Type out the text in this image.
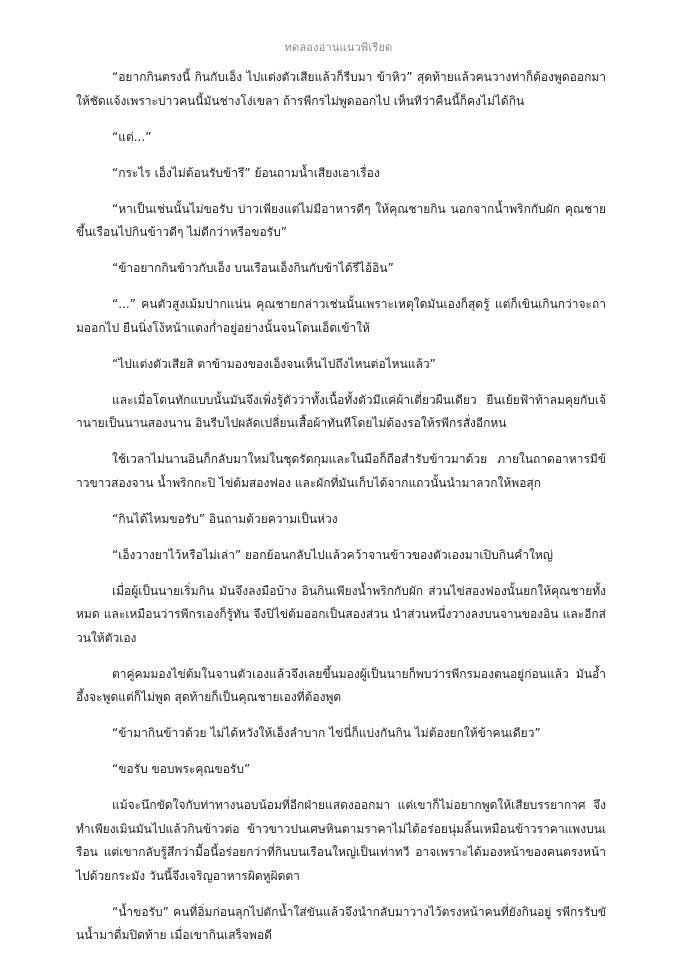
ทดลองอ่านแนวพีเรียด

“อยากกินตรงนี้ กินกับเอ็ง ไปแต่งตัวเสียแล้วก็รีบมา ข้าหิว” สุดท้ายแล้วคนวางท่าก็ต้องพูดออกมาให้ชัดแจ้งเพราะบ่าวคนนี้มันช่างโง่เขลา ถ้ารพีกรไม่พูดออกไป เห็นทีว่าคืนนี้ก็คงไม่ได้กิน

“แต่...”

“กระไร เอ็งไม่ต้อนรับข้ารึ” ย้อนถามน้ำเสียงเอาเรื่อง

“หาเป็นเช่นนั้นไม่ขอรับ บ่าวเพียงแต่ไม่มีอาหารดีๆ ให้คุณชายกิน นอกจากน้ำพริกกับผัก คุณชายขึ้นเรือนไปกินข้าวดีๆ ไม่ดีกว่าหรือขอรับ”

“ข้าอยากกินข้าวกับเอ็ง บนเรือนเอ็งกินกับข้าได้รึไอ้อิน”

“...” คนตัวสูงเม้มปากแน่น คุณชายกล่าวเช่นนั้นเพราะเหตุใดมันเองก็สุดรู้ แต่ก็เขินเกินกว่าจะถามออกไป ยืนนิ่งโง้หน้าแดงก่ำอยู่อย่างนั้นจนโดนเอ็ดเข้าให้

“ไปแต่งตัวเสียสิ ตาข้ามองของเอ็งจนเห็นไปถึงไหนต่อไหนแล้ว”

และเมื่อโดนทักแบบนั้นมันจึงเพิ่งรู้ตัวว่าทั้งเนื้อทั้งตัวมีแค่ผ้าเตี่ยวผืนเดียว ยืนเย้ยฟ้าท้าลมคุยกับเจ้านายเป็นนานสองนาน อินรีบไปผลัดเปลี่ยนเสื้อผ้าทันทีโดยไม่ต้องรอให้รพีกรสั่งอีกหน

ใช้เวลาไม่นานอินก็กลับมาใหม่ในชุดรัดกุมและในมือก็ถือสำรับข้าวมาด้วย ภายในถาดอาหารมีข้าวขาวสองจาน น้ำพริกกะปิ ไข่ต้มสองฟอง และผักที่มันเก็บได้จากแถวนั้นนำมาลวกให้พอสุก

“กินได้ไหมขอรับ” อินถามด้วยความเป็นห่วง

“เอ็งวางยาไว้หรือไม่เล่า” ยอกย้อนกลับไปแล้วคว้าจานข้าวของตัวเองมาเปิบกินคำใหญ่

เมื่อผู้เป็นนายเริ่มกิน มันจึงลงมือบ้าง อินกินเพียงน้ำพริกกับผัก ส่วนไข่สองฟองนั้นยกให้คุณชายทั้งหมด และเหมือนว่ารพีกรเองก็รู้ทัน จึงปิไข่ต้มออกเป็นสองส่วน นำส่วนหนึ่งวางลงบนจานของอิน และอีกส่วนให้ตัวเอง

ตาคู่คมมองไข่ต้มในจานตัวเองแล้วจึงเลยขึ้นมองผู้เป็นนายก็พบว่ารพีกรมองตนอยู่ก่อนแล้ว มันอ้ำอึ้งจะพูดแต่ก็ไม่พูด สุดท้ายก็เป็นคุณชายเองที่ต้องพูด

“ข้ามากินข้าวด้วย ไม่ได้หวังให้เอ็งลำบาก ไข่นี่ก็แบ่งกันกิน ไม่ต้องยกให้ข้าคนเดียว”

“ขอรับ ขอบพระคุณขอรับ”

แม้จะนึกขัดใจกับท่าทางนอบน้อมที่อีกฝ่ายแสดงออกมา แต่เขาก็ไม่อยากพูดให้เสียบรรยากาศ จึงทำเพียงเมินมันไปแล้วกินข้าวต่อ ข้าวขาวปนเศษหินตามราคาไม่ได้อร่อยนุ่มลิ้นเหมือนข้าวราคาแพงบนเรือน แต่เขากลับรู้สึกว่ามื้อนี้อร่อยกว่าที่กินบนเรือนใหญ่เป็นเท่าทวี อาจเพราะได้มองหน้าของคนตรงหน้าไปด้วยกระมัง วันนี้จึงเจริญอาหารผิดหูผิดตา

“น้ำขอรับ” คนที่อิ่มก่อนลุกไปตักน้ำใส่ขันแล้วจึงนำกลับมาวางไว้ตรงหน้าคนที่ยังกินอยู่ รพีกรรับขันน้ำมาดื่มปิดท้าย เมื่อเขากินเสร็จพอดี
